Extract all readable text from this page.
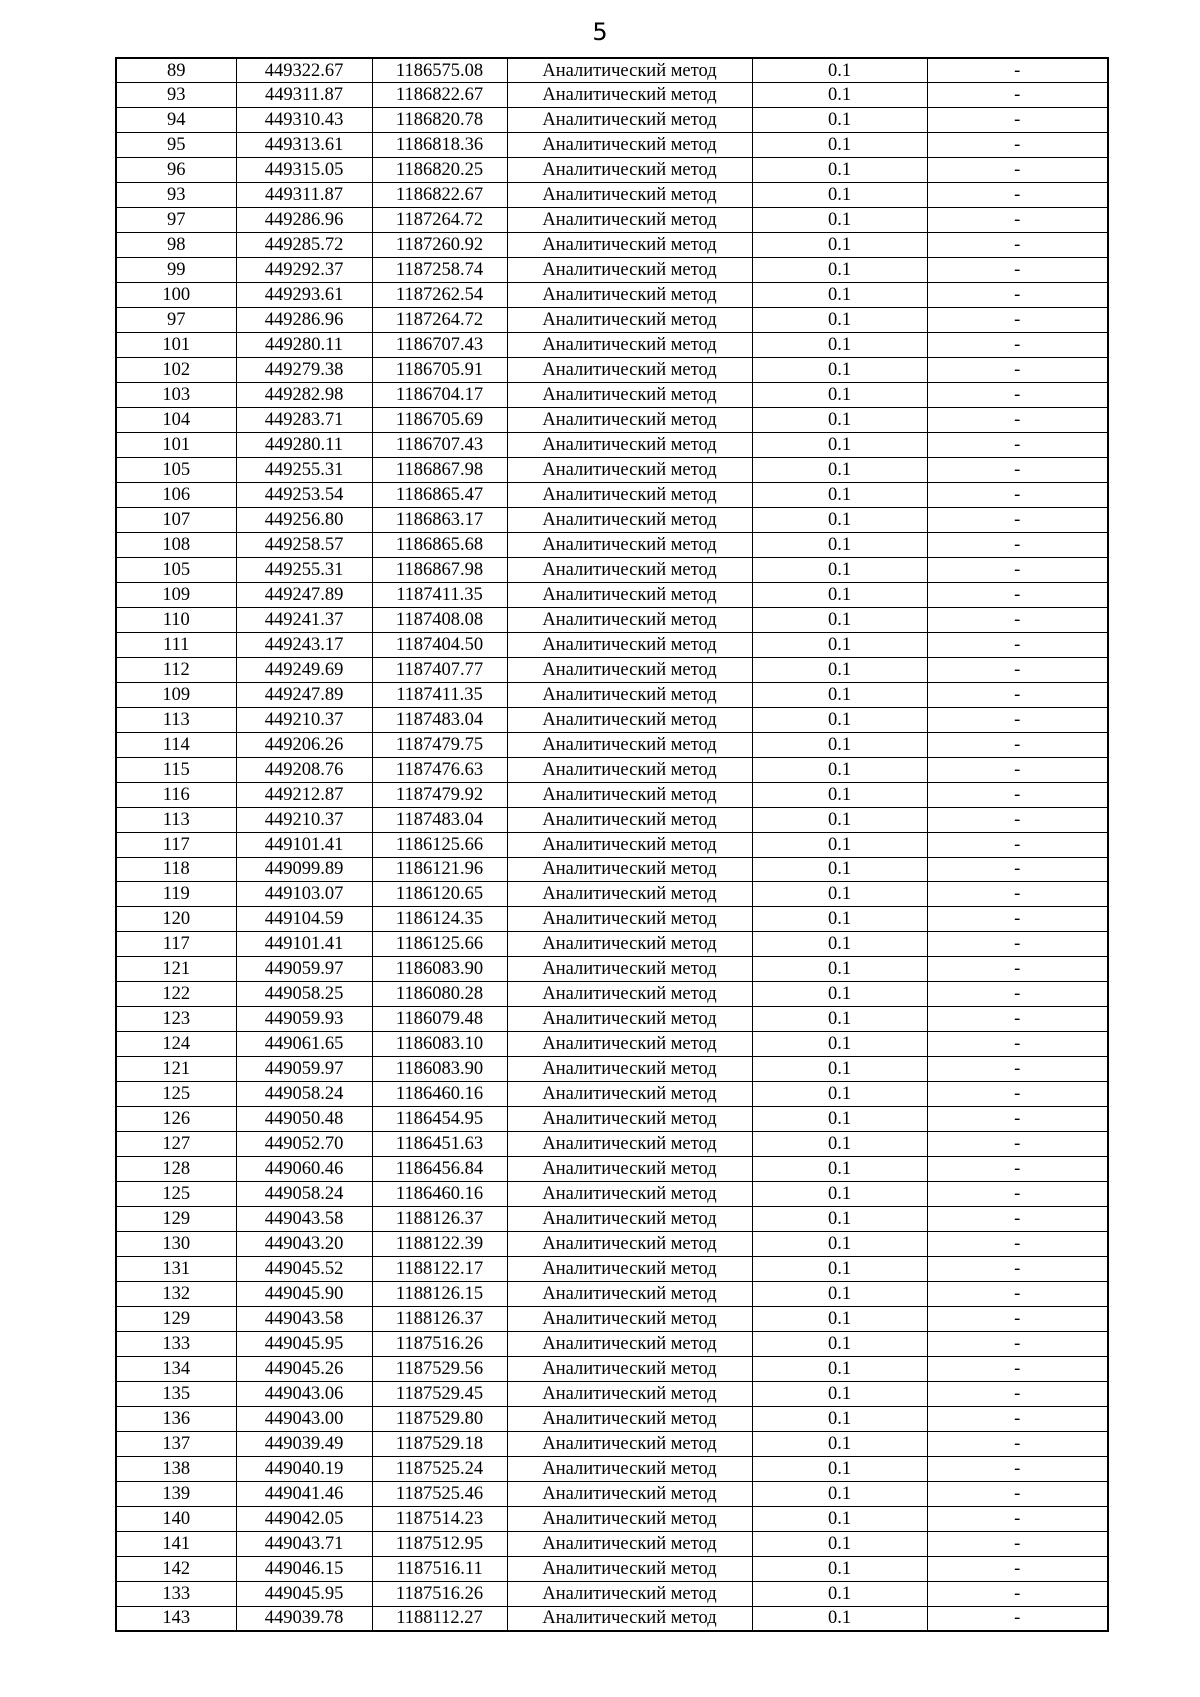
5
89	449322.67	1186575.08	Аналитический метод	0.1	-
93	449311.87	1186822.67	Аналитический метод	0.1	-
94	449310.43	1186820.78	Аналитический метод	0.1	-
95	449313.61	1186818.36	Аналитический метод	0.1	-
96	449315.05	1186820.25	Аналитический метод	0.1	-
93	449311.87	1186822.67	Аналитический метод	0.1	-
97	449286.96	1187264.72	Аналитический метод	0.1	-
98	449285.72	1187260.92	Аналитический метод	0.1	-
99	449292.37	1187258.74	Аналитический метод	0.1	-
100	449293.61	1187262.54	Аналитический метод	0.1	-
97	449286.96	1187264.72	Аналитический метод	0.1	-
101	449280.11	1186707.43	Аналитический метод	0.1	-
102	449279.38	1186705.91	Аналитический метод	0.1	-
103	449282.98	1186704.17	Аналитический метод	0.1	-
104	449283.71	1186705.69	Аналитический метод	0.1	-
101	449280.11	1186707.43	Аналитический метод	0.1	-
105	449255.31	1186867.98	Аналитический метод	0.1	-
106	449253.54	1186865.47	Аналитический метод	0.1	-
107	449256.80	1186863.17	Аналитический метод	0.1	-
108	449258.57	1186865.68	Аналитический метод	0.1	-
105	449255.31	1186867.98	Аналитический метод	0.1	-
109	449247.89	1187411.35	Аналитический метод	0.1	-
110	449241.37	1187408.08	Аналитический метод	0.1	-
111	449243.17	1187404.50	Аналитический метод	0.1	-
112	449249.69	1187407.77	Аналитический метод	0.1	-
109	449247.89	1187411.35	Аналитический метод	0.1	-
113	449210.37	1187483.04	Аналитический метод	0.1	-
114	449206.26	1187479.75	Аналитический метод	0.1	-
115	449208.76	1187476.63	Аналитический метод	0.1	-
116	449212.87	1187479.92	Аналитический метод	0.1	-
113	449210.37	1187483.04	Аналитический метод	0.1	-
117	449101.41	1186125.66	Аналитический метод	0.1	-
118	449099.89	1186121.96	Аналитический метод	0.1	-
119	449103.07	1186120.65	Аналитический метод	0.1	-
120	449104.59	1186124.35	Аналитический метод	0.1	-
117	449101.41	1186125.66	Аналитический метод	0.1	-
121	449059.97	1186083.90	Аналитический метод	0.1	-
122	449058.25	1186080.28	Аналитический метод	0.1	-
123	449059.93	1186079.48	Аналитический метод	0.1	-
124	449061.65	1186083.10	Аналитический метод	0.1	-
121	449059.97	1186083.90	Аналитический метод	0.1	-
125	449058.24	1186460.16	Аналитический метод	0.1	-
126	449050.48	1186454.95	Аналитический метод	0.1	-
127	449052.70	1186451.63	Аналитический метод	0.1	-
128	449060.46	1186456.84	Аналитический метод	0.1	-
125	449058.24	1186460.16	Аналитический метод	0.1	-
129	449043.58	1188126.37	Аналитический метод	0.1	-
130	449043.20	1188122.39	Аналитический метод	0.1	-
131	449045.52	1188122.17	Аналитический метод	0.1	-
132	449045.90	1188126.15	Аналитический метод	0.1	-
129	449043.58	1188126.37	Аналитический метод	0.1	-
133	449045.95	1187516.26	Аналитический метод	0.1	-
134	449045.26	1187529.56	Аналитический метод	0.1	-
135	449043.06	1187529.45	Аналитический метод	0.1	-
136	449043.00	1187529.80	Аналитический метод	0.1	-
137	449039.49	1187529.18	Аналитический метод	0.1	-
138	449040.19	1187525.24	Аналитический метод	0.1	-
139	449041.46	1187525.46	Аналитический метод	0.1	-
140	449042.05	1187514.23	Аналитический метод	0.1	-
141	449043.71	1187512.95	Аналитический метод	0.1	-
142	449046.15	1187516.11	Аналитический метод	0.1	-
133	449045.95	1187516.26	Аналитический метод	0.1	-
143	449039.78	1188112.27	Аналитический метод	0.1	-
